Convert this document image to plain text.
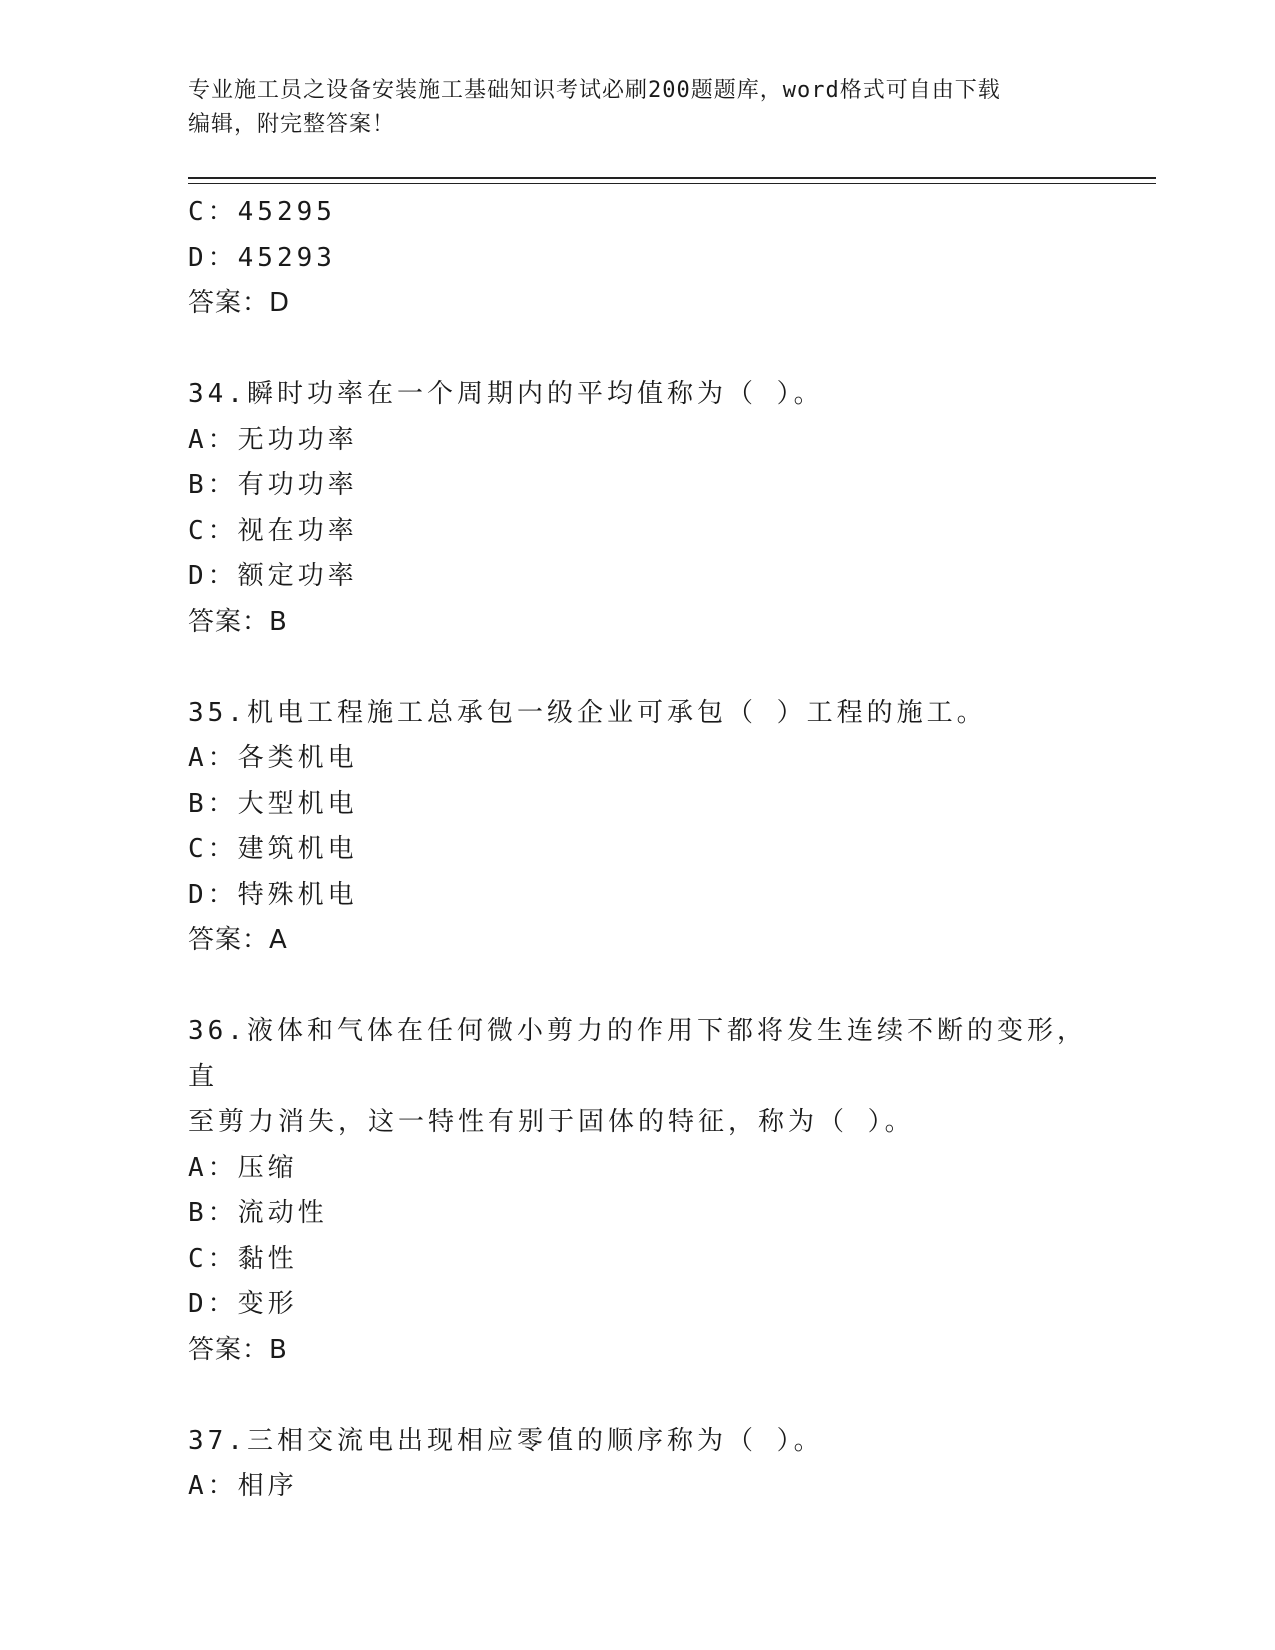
专业施工员之设备安装施工基础知识考试必刷200题题库，word格式可自由下载
编辑，附完整答案！
C：45295
D：45293
答案：D
34.瞬时功率在一个周期内的平均值称为（ ）。
A：无功功率
B：有功功率
C：视在功率
D：额定功率
答案：B
35.机电工程施工总承包一级企业可承包（ ）工程的施工。
A：各类机电
B：大型机电
C：建筑机电
D：特殊机电
答案：A
36.液体和气体在任何微小剪力的作用下都将发生连续不断的变形，直
至剪力消失，这一特性有别于固体的特征，称为（ ）。
A：压缩
B：流动性
C：黏性
D：变形
答案：B
37.三相交流电出现相应零值的顺序称为（ ）。
A：相序
